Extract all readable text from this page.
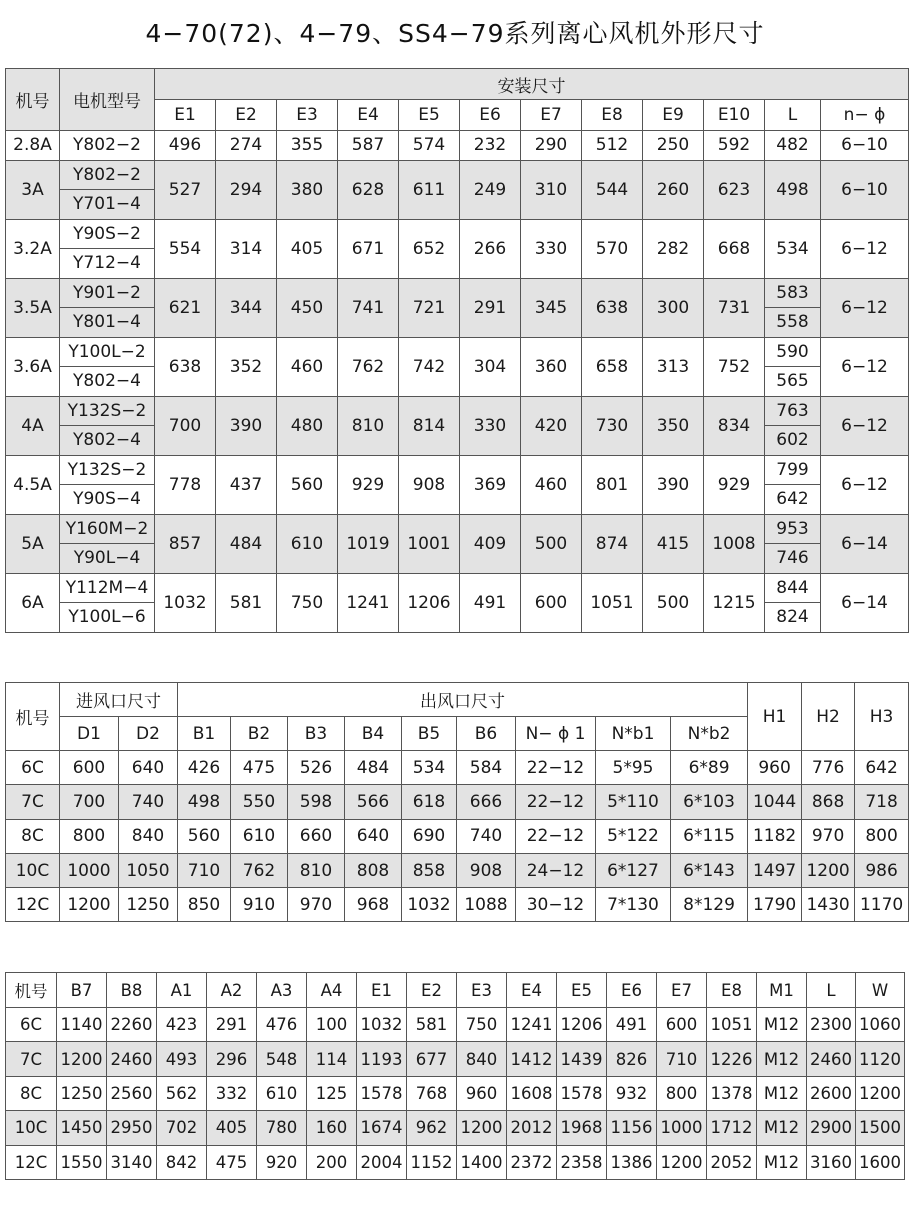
4−70(72)、4−79、SS4−79系列离心风机外形尺寸
机号	电机型号	安装尺寸											
		E1	E2	E3	E4	E5	E6	E7	E8	E9	E10	L	n− ϕ
2.8A	Y802−2	496	274	355	587	574	232	290	512	250	592	482	6−10
3A	Y802−2	527	294	380	628	611	249	310	544	260	623	498	6−10
	Y701−4												
3.2A	Y90S−2	554	314	405	671	652	266	330	570	282	668	534	6−12
	Y712−4												
3.5A	Y901−2	621	344	450	741	721	291	345	638	300	731	583	6−12
	Y801−4											558	
3.6A	Y100L−2	638	352	460	762	742	304	360	658	313	752	590	6−12
	Y802−4											565	
4A	Y132S−2	700	390	480	810	814	330	420	730	350	834	763	6−12
	Y802−4											602	
4.5A	Y132S−2	778	437	560	929	908	369	460	801	390	929	799	6−12
	Y90S−4											642	
5A	Y160M−2	857	484	610	1019	1001	409	500	874	415	1008	953	6−14
	Y90L−4											746	
6A	Y112M−4	1032	581	750	1241	1206	491	600	1051	500	1215	844	6−14
	Y100L−6											824	
机号	进风口尺寸		出风口尺寸									H1	H2	H3
	D1	D2	B1	B2	B3	B4	B5	B6	N− ϕ 1	N*b1	N*b2			
6C	600	640	426	475	526	484	534	584	22−12	5*95	6*89	960	776	642
7C	700	740	498	550	598	566	618	666	22−12	5*110	6*103	1044	868	718
8C	800	840	560	610	660	640	690	740	22−12	5*122	6*115	1182	970	800
10C	1000	1050	710	762	810	808	858	908	24−12	6*127	6*143	1497	1200	986
12C	1200	1250	850	910	970	968	1032	1088	30−12	7*130	8*129	1790	1430	1170
机号	B7	B8	A1	A2	A3	A4	E1	E2	E3	E4	E5	E6	E7	E8	M1	L	W
6C	1140	2260	423	291	476	100	1032	581	750	1241	1206	491	600	1051	M12	2300	1060
7C	1200	2460	493	296	548	114	1193	677	840	1412	1439	826	710	1226	M12	2460	1120
8C	1250	2560	562	332	610	125	1578	768	960	1608	1578	932	800	1378	M12	2600	1200
10C	1450	2950	702	405	780	160	1674	962	1200	2012	1968	1156	1000	1712	M12	2900	1500
12C	1550	3140	842	475	920	200	2004	1152	1400	2372	2358	1386	1200	2052	M12	3160	1600
